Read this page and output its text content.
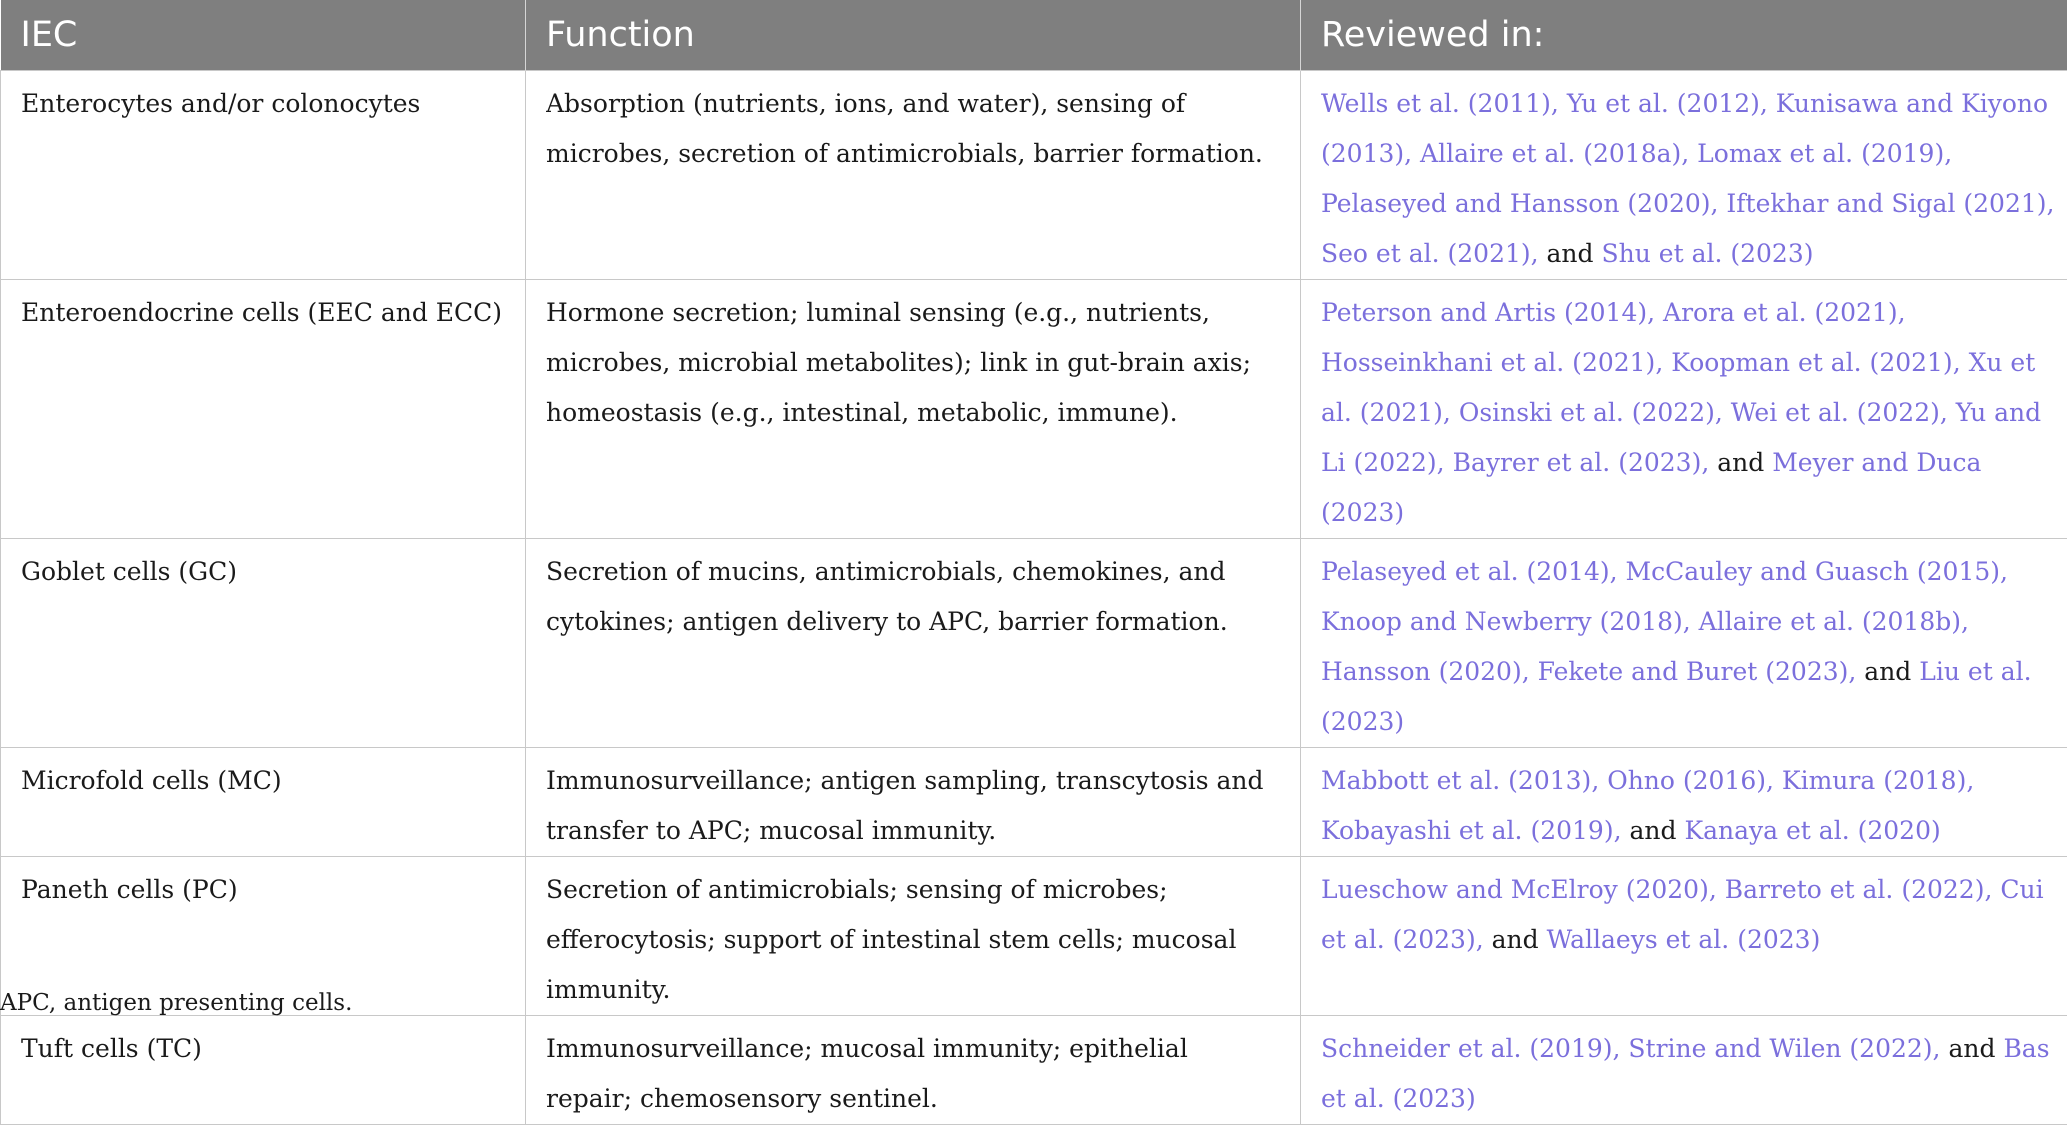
IEC	Function	Reviewed in:

Enterocytes and/or colonocytes	Absorption (nutrients, ions, and water), sensing of microbes, secretion of antimicrobials, barrier formation.	Wells et al. (2011), Yu et al. (2012), Kunisawa and Kiyono (2013), Allaire et al. (2018a), Lomax et al. (2019), Pelaseyed and Hansson (2020), Iftekhar and Sigal (2021), Seo et al. (2021), and Shu et al. (2023)

Enteroendocrine cells (EEC and ECC)	Hormone secretion; luminal sensing (e.g., nutrients, microbes, microbial metabolites); link in gut-brain axis; homeostasis (e.g., intestinal, metabolic, immune).	Peterson and Artis (2014), Arora et al. (2021), Hosseinkhani et al. (2021), Koopman et al. (2021), Xu et al. (2021), Osinski et al. (2022), Wei et al. (2022), Yu and Li (2022), Bayrer et al. (2023), and Meyer and Duca (2023)

Goblet cells (GC)	Secretion of mucins, antimicrobials, chemokines, and cytokines; antigen delivery to APC, barrier formation.	Pelaseyed et al. (2014), McCauley and Guasch (2015), Knoop and Newberry (2018), Allaire et al. (2018b), Hansson (2020), Fekete and Buret (2023), and Liu et al. (2023)

Microfold cells (MC)	Immunosurveillance; antigen sampling, transcytosis and transfer to APC; mucosal immunity.	Mabbott et al. (2013), Ohno (2016), Kimura (2018), Kobayashi et al. (2019), and Kanaya et al. (2020)

Paneth cells (PC)	Secretion of antimicrobials; sensing of microbes; efferocytosis; support of intestinal stem cells; mucosal immunity.	Lueschow and McElroy (2020), Barreto et al. (2022), Cui et al. (2023), and Wallaeys et al. (2023)

Tuft cells (TC)	Immunosurveillance; mucosal immunity; epithelial repair; chemosensory sentinel.	Schneider et al. (2019), Strine and Wilen (2022), and Bas et al. (2023)
APC, antigen presenting cells.
